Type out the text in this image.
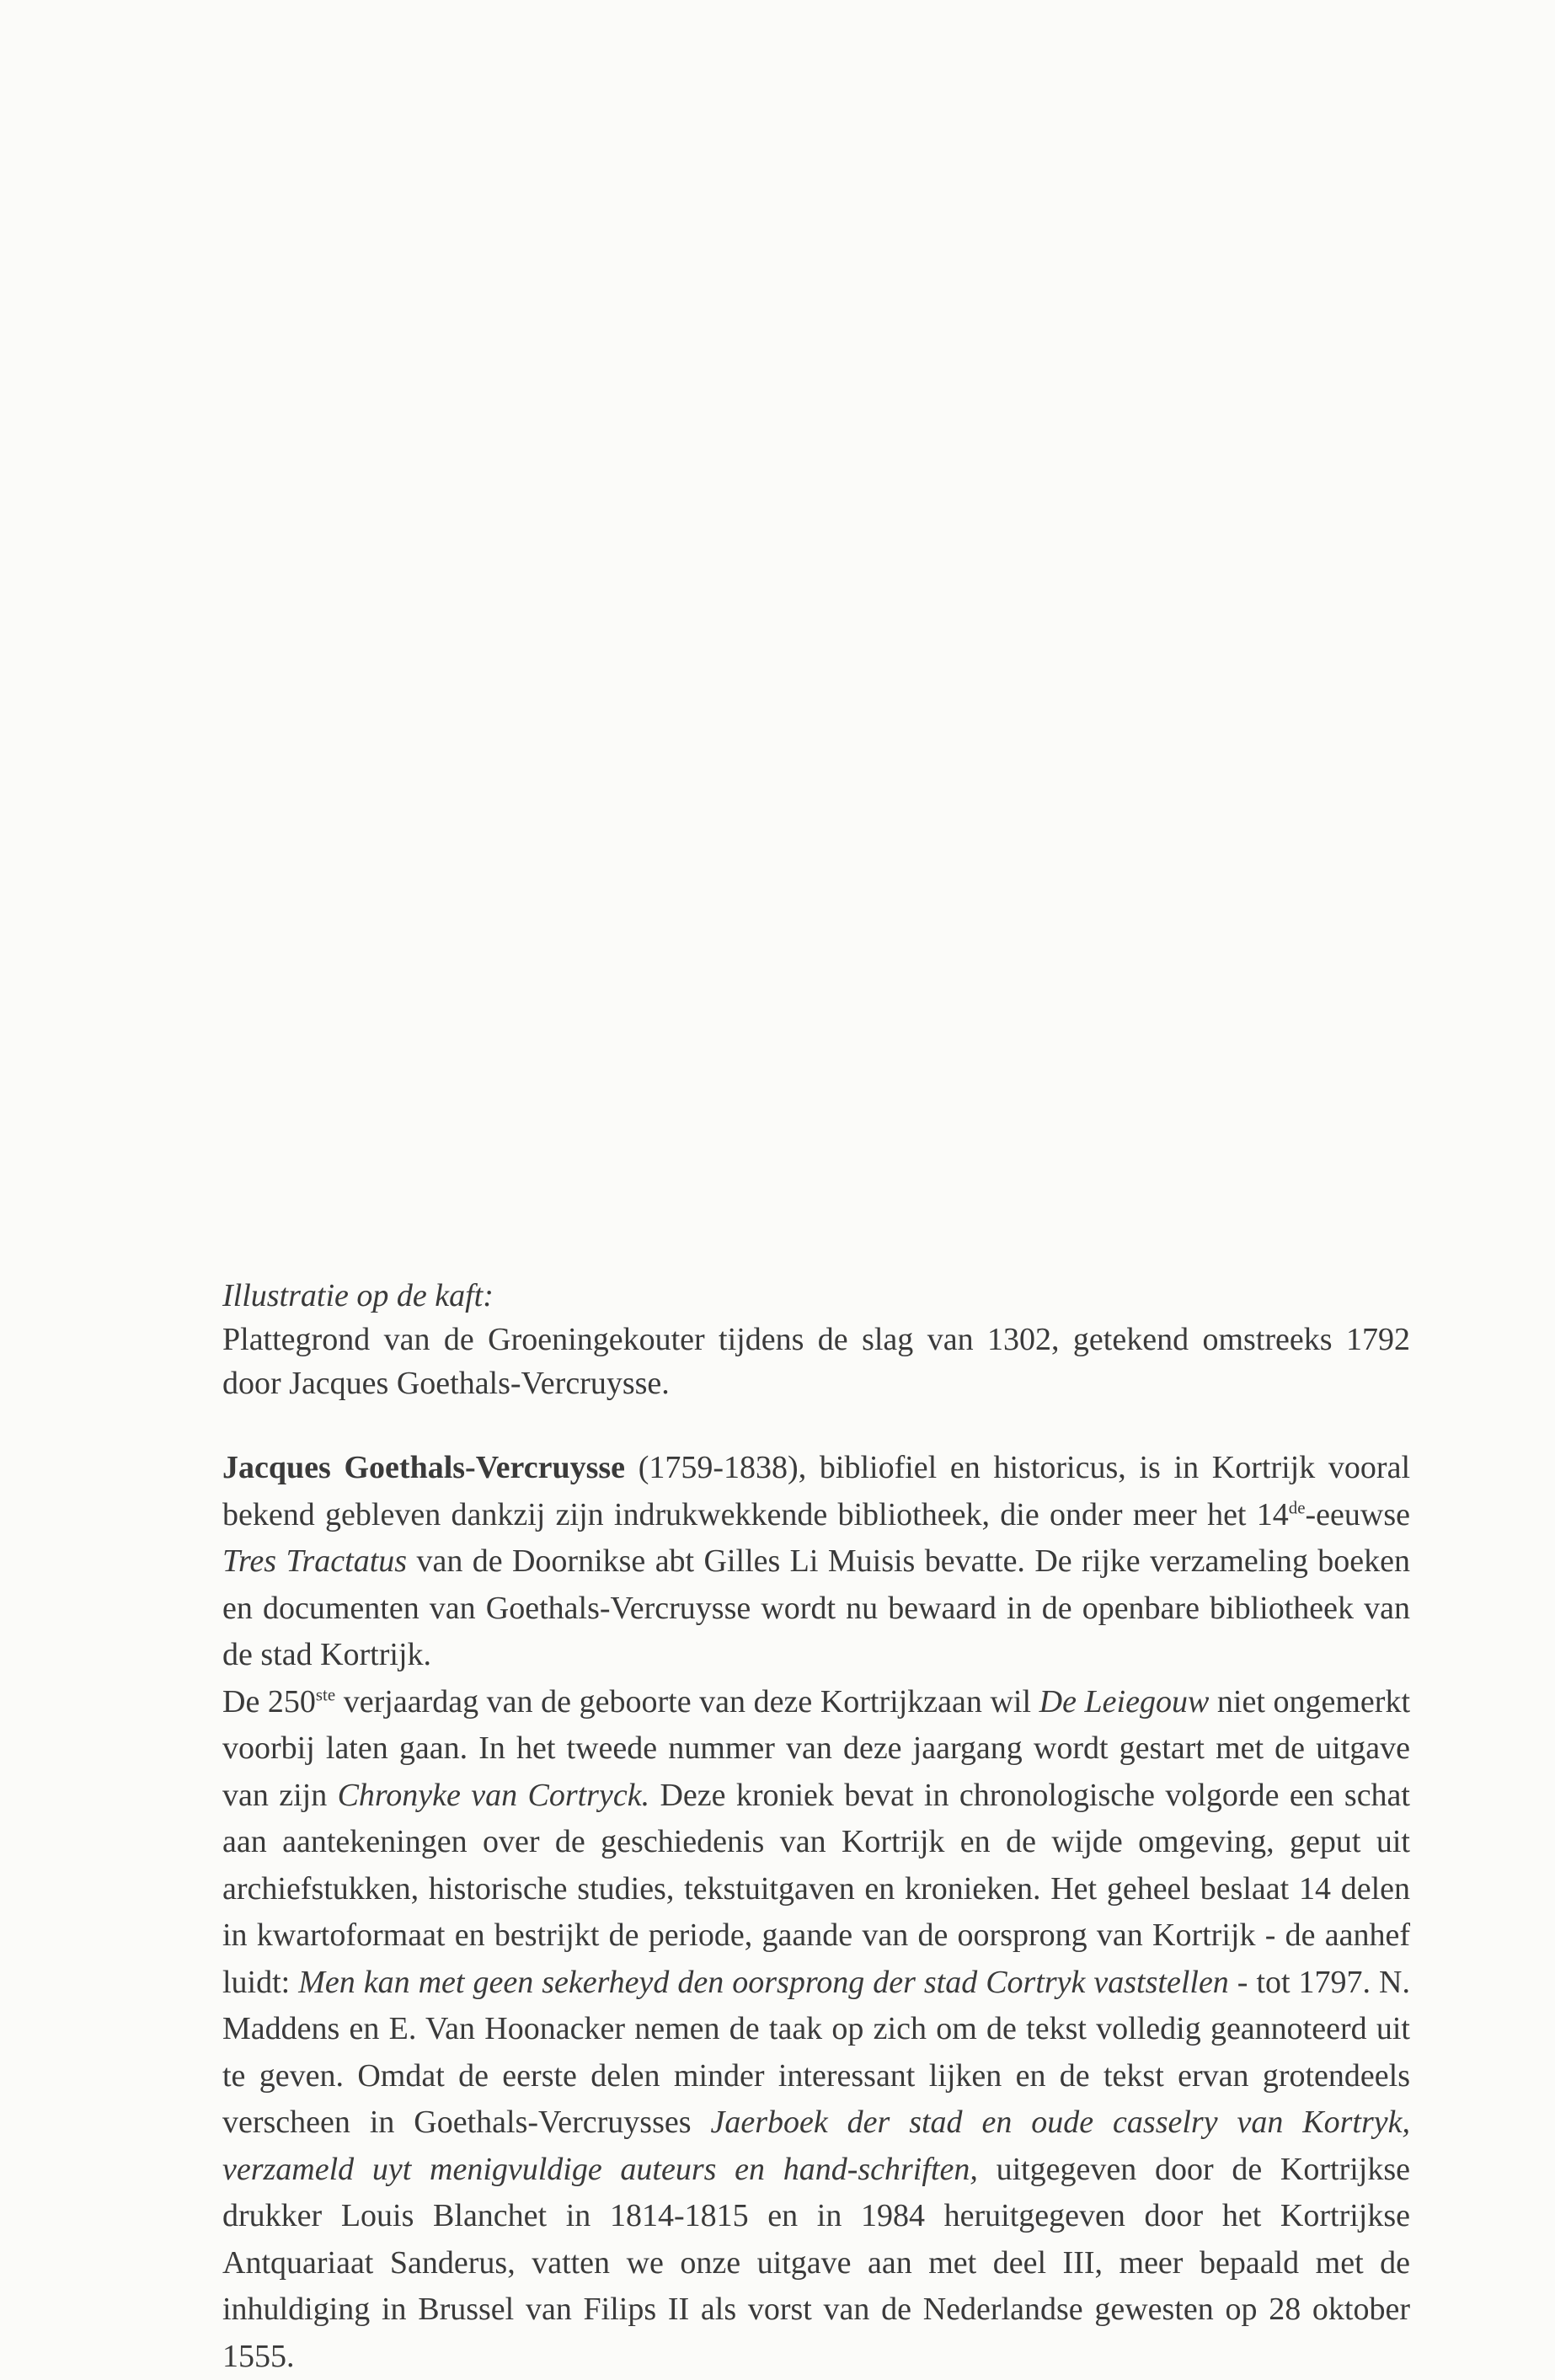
Illustratie op de kaft:
Plattegrond van de Groeningekouter tijdens de slag van 1302, getekend omstreeks 1792 door Jacques Goethals-Vercruysse.

Jacques Goethals-Vercruysse (1759-1838), bibliofiel en historicus, is in Kortrijk vooral bekend gebleven dankzij zijn indrukwekkende bibliotheek, die onder meer het 14de-eeuwse Tres Tractatus van de Doornikse abt Gilles Li Muisis bevatte. De rijke verzameling boeken en documenten van Goethals-Vercruysse wordt nu bewaard in de openbare bibliotheek van de stad Kortrijk.

De 250ste verjaardag van de geboorte van deze Kortrijkzaan wil De Leiegouw niet ongemerkt voorbij laten gaan. In het tweede nummer van deze jaargang wordt gestart met de uitgave van zijn Chronyke van Cortryck. Deze kroniek bevat in chronologische volgorde een schat aan aantekeningen over de geschiedenis van Kortrijk en de wijde omgeving, geput uit archiefstukken, historische studies, tekstuitgaven en kronieken. Het geheel beslaat 14 delen in kwartoformaat en bestrijkt de periode, gaande van de oorsprong van Kortrijk - de aanhef luidt: Men kan met geen sekerheyd den oorsprong der stad Cortryk vaststellen - tot 1797. N. Maddens en E. Van Hoonacker nemen de taak op zich om de tekst volledig geannoteerd uit te geven. Omdat de eerste delen minder interessant lijken en de tekst ervan grotendeels verscheen in Goethals-Vercruysses Jaerboek der stad en oude casselry van Kortryk, verzameld uyt menigvuldige auteurs en hand-schriften, uitgegeven door de Kortrijkse drukker Louis Blanchet in 1814-1815 en in 1984 heruitgegeven door het Kortrijkse Antquariaat Sanderus, vatten we onze uitgave aan met deel III, meer bepaald met de inhuldiging in Brussel van Filips II als vorst van de Nederlandse gewesten op 28 oktober 1555.
